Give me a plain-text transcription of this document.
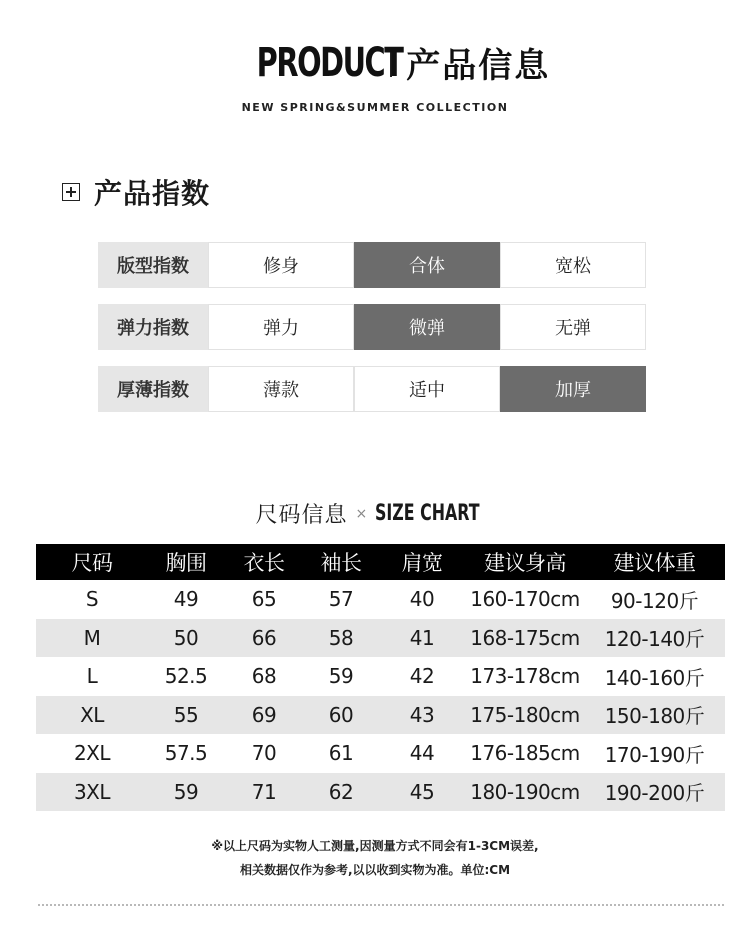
PRODUCT 产品信息
NEW SPRING&SUMMER COLLECTION
产品指数
版型指数	修身	合体	宽松
弹力指数	弹力	微弹	无弹
厚薄指数	薄款	适中	加厚
尺码信息 × SIZE CHART
尺码	胸围	衣长	袖长	肩宽	建议身高	建议体重
S	49	65	57	40	160-170cm	90-120斤
M	50	66	58	41	168-175cm	120-140斤
L	52.5	68	59	42	173-178cm	140-160斤
XL	55	69	60	43	175-180cm	150-180斤
2XL	57.5	70	61	44	176-185cm	170-190斤
3XL	59	71	62	45	180-190cm	190-200斤
※以上尺码为实物人工测量,因测量方式不同会有1-3CM误差,
相关数据仅作为参考,以以收到实物为准。单位:CM
